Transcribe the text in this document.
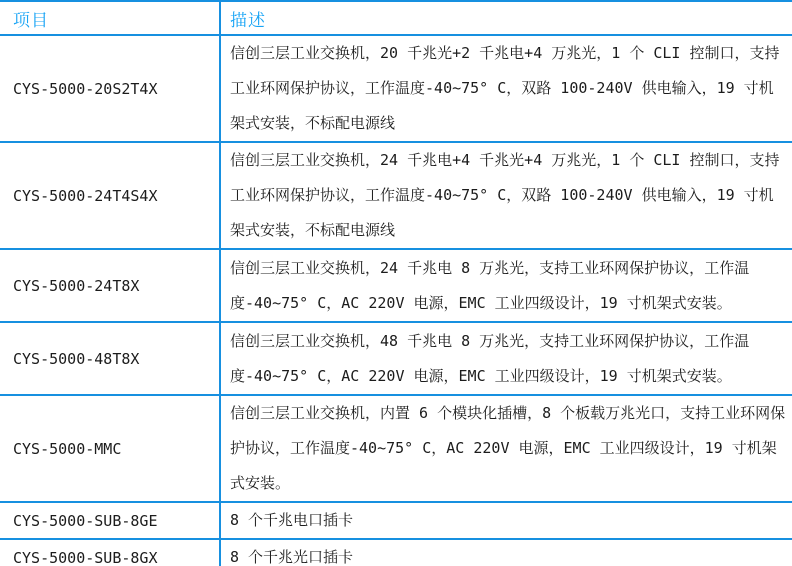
项目	描述
CYS-5000-20S2T4X	信创三层工业交换机，20 千兆光+2 千兆电+4 万兆光，1 个 CLI 控制口，支持工业环网保护协议，工作温度-40~75° C，双路 100-240V 供电输入，19 寸机架式安装，不标配电源线
CYS-5000-24T4S4X	信创三层工业交换机，24 千兆电+4 千兆光+4 万兆光，1 个 CLI 控制口，支持工业环网保护协议，工作温度-40~75° C，双路 100-240V 供电输入，19 寸机架式安装，不标配电源线
CYS-5000-24T8X	信创三层工业交换机，24 千兆电 8 万兆光，支持工业环网保护协议，工作温度-40~75° C，AC 220V 电源，EMC 工业四级设计，19 寸机架式安装。
CYS-5000-48T8X	信创三层工业交换机，48 千兆电 8 万兆光，支持工业环网保护协议，工作温度-40~75° C，AC 220V 电源，EMC 工业四级设计，19 寸机架式安装。
CYS-5000-MMC	信创三层工业交换机，内置 6 个模块化插槽，8 个板载万兆光口，支持工业环网保护协议，工作温度-40~75° C，AC 220V 电源，EMC 工业四级设计，19 寸机架式安装。
CYS-5000-SUB-8GE	8 个千兆电口插卡
CYS-5000-SUB-8GX	8 个千兆光口插卡
